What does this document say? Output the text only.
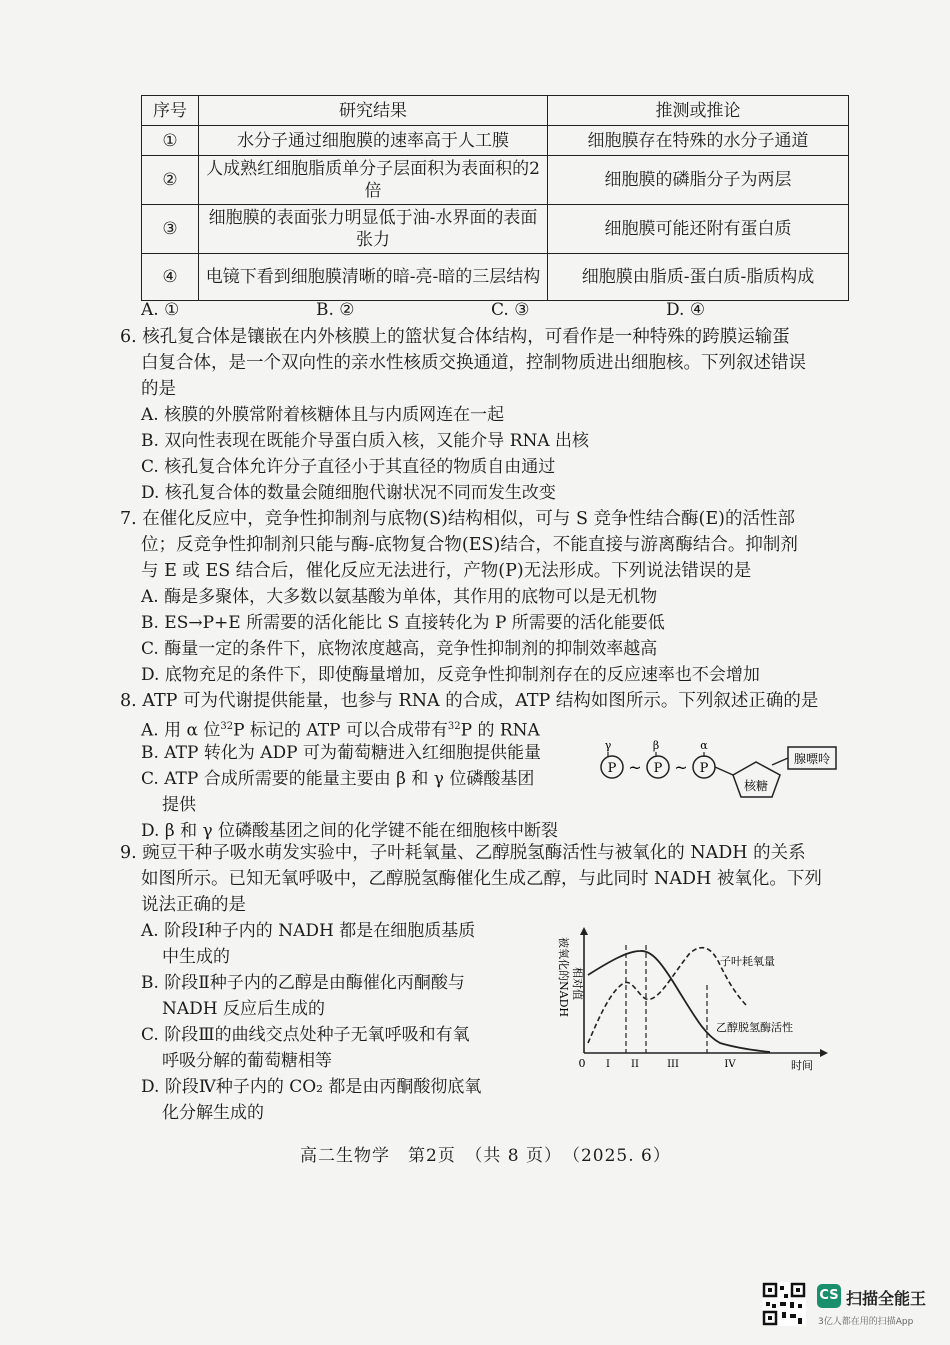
序号	研究结果	推测或推论
①	水分子通过细胞膜的速率高于人工膜	细胞膜存在特殊的水分子通道
②	人成熟红细胞脂质单分子层面积为表面积的2倍	细胞膜的磷脂分子为两层
③	细胞膜的表面张力明显低于油-水界面的表面张力	细胞膜可能还附有蛋白质
④	电镜下看到细胞膜清晰的暗-亮-暗的三层结构	细胞膜由脂质-蛋白质-脂质构成
A. ①	B. ②	C. ③	D. ④
6. 核孔复合体是镶嵌在内外核膜上的篮状复合体结构，可看作是一种特殊的跨膜运输蛋
白复合体，是一个双向性的亲水性核质交换通道，控制物质进出细胞核。下列叙述错误
的是
A. 核膜的外膜常附着核糖体且与内质网连在一起
B. 双向性表现在既能介导蛋白质入核，又能介导 RNA 出核
C. 核孔复合体允许分子直径小于其直径的物质自由通过
D. 核孔复合体的数量会随细胞代谢状况不同而发生改变
7. 在催化反应中，竞争性抑制剂与底物(S)结构相似，可与 S 竞争性结合酶(E)的活性部
位；反竞争性抑制剂只能与酶-底物复合物(ES)结合，不能直接与游离酶结合。抑制剂
与 E 或 ES 结合后，催化反应无法进行，产物(P)无法形成。下列说法错误的是
A. 酶是多聚体，大多数以氨基酸为单体，其作用的底物可以是无机物
B. ES→P+E 所需要的活化能比 S 直接转化为 P 所需要的活化能要低
C. 酶量一定的条件下，底物浓度越高，竞争性抑制剂的抑制效率越高
D. 底物充足的条件下，即使酶量增加，反竞争性抑制剂存在的反应速率也不会增加
8. ATP 可为代谢提供能量，也参与 RNA 的合成，ATP 结构如图所示。下列叙述正确的是
A. 用 α 位$^{32}$P 标记的 ATP 可以合成带有$^{32}$P 的 RNA
B. ATP 转化为 ADP 可为葡萄糖进入红细胞提供能量
C. ATP 合成所需要的能量主要由 β 和 γ 位磷酸基团
提供
D. β 和 γ 位磷酸基团之间的化学键不能在细胞核中断裂
γ	β	α
P	P	P
~ ~
核糖
腺嘌呤
9. 豌豆干种子吸水萌发实验中，子叶耗氧量、乙醇脱氢酶活性与被氧化的 NADH 的关系
如图所示。已知无氧呼吸中，乙醇脱氢酶催化生成乙醇，与此同时 NADH 被氧化。下列
说法正确的是
A. 阶段Ⅰ种子内的 NADH 都是在细胞质基质
中生成的
B. 阶段Ⅱ种子内的乙醇是由酶催化丙酮酸与
NADH 反应后生成的
C. 阶段Ⅲ的曲线交点处种子无氧呼吸和有氧
呼吸分解的葡萄糖相等
D. 阶段Ⅳ种子内的 CO₂ 都是由丙酮酸彻底氧
化分解生成的
被氧化的NADH 相对值
0	时间
I II	III	IV
子叶耗氧量
乙醇脱氢酶活性
高二生物学　第2页　（共 8 页）　（2025. 6）
CS 扫描全能王
3亿人都在用的扫描App
